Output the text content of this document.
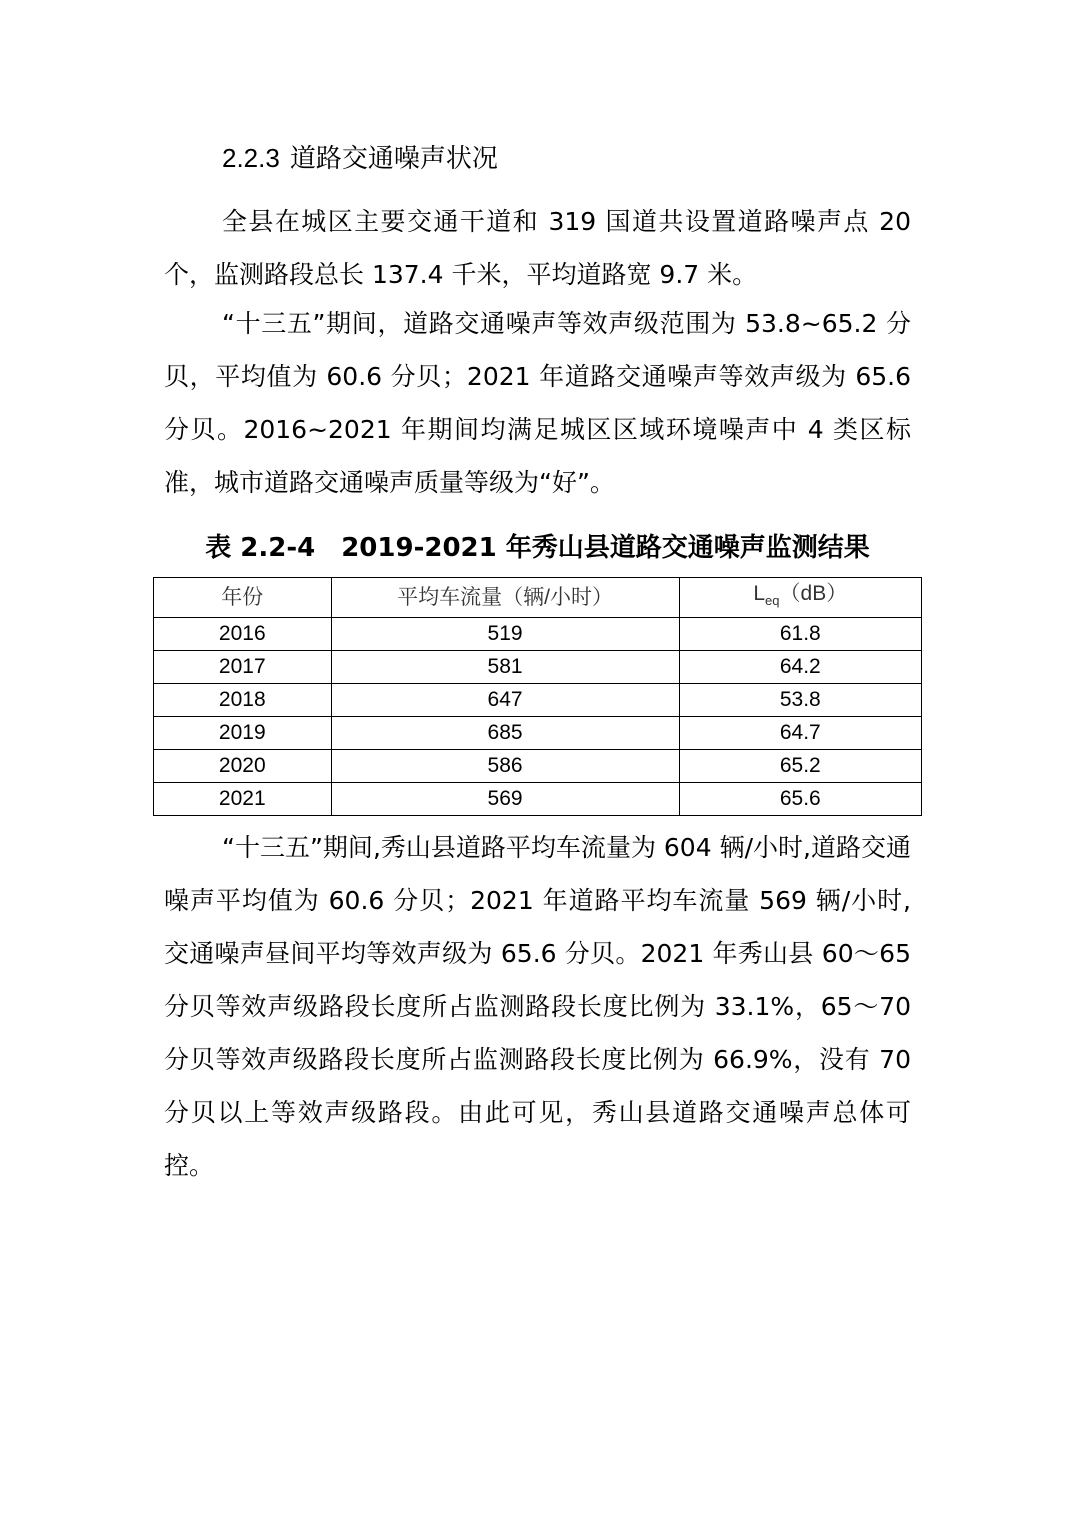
2.2.3 道路交通噪声状况

全县在城区主要交通干道和 319 国道共设置道路噪声点 20 个，监测路段总长 137.4 千米，平均道路宽 9.7 米。

“十三五”期间，道路交通噪声等效声级范围为 53.8~65.2 分贝，平均值为 60.6 分贝；2021 年道路交通噪声等效声级为 65.6 分贝。2016~2021 年期间均满足城区区域环境噪声中 4 类区标准，城市道路交通噪声质量等级为“好”。

表 2.2-4　2019-2021 年秀山县道路交通噪声监测结果
年份	平均车流量（辆/小时）	$L_{eq}(dB)$
2016	519	61.8
2017	581	64.2
2018	647	53.8
2019	685	64.7
2020	586	65.2
2021	569	65.6

“十三五”期间,秀山县道路平均车流量为 604 辆/小时,道路交通噪声平均值为 60.6 分贝；2021 年道路平均车流量 569 辆/小时,交通噪声昼间平均等效声级为 65.6 分贝。2021 年秀山县 60～65 分贝等效声级路段长度所占监测路段长度比例为 33.1%，65～70 分贝等效声级路段长度所占监测路段长度比例为 66.9%，没有 70 分贝以上等效声级路段。由此可见，秀山县道路交通噪声总体可控。
